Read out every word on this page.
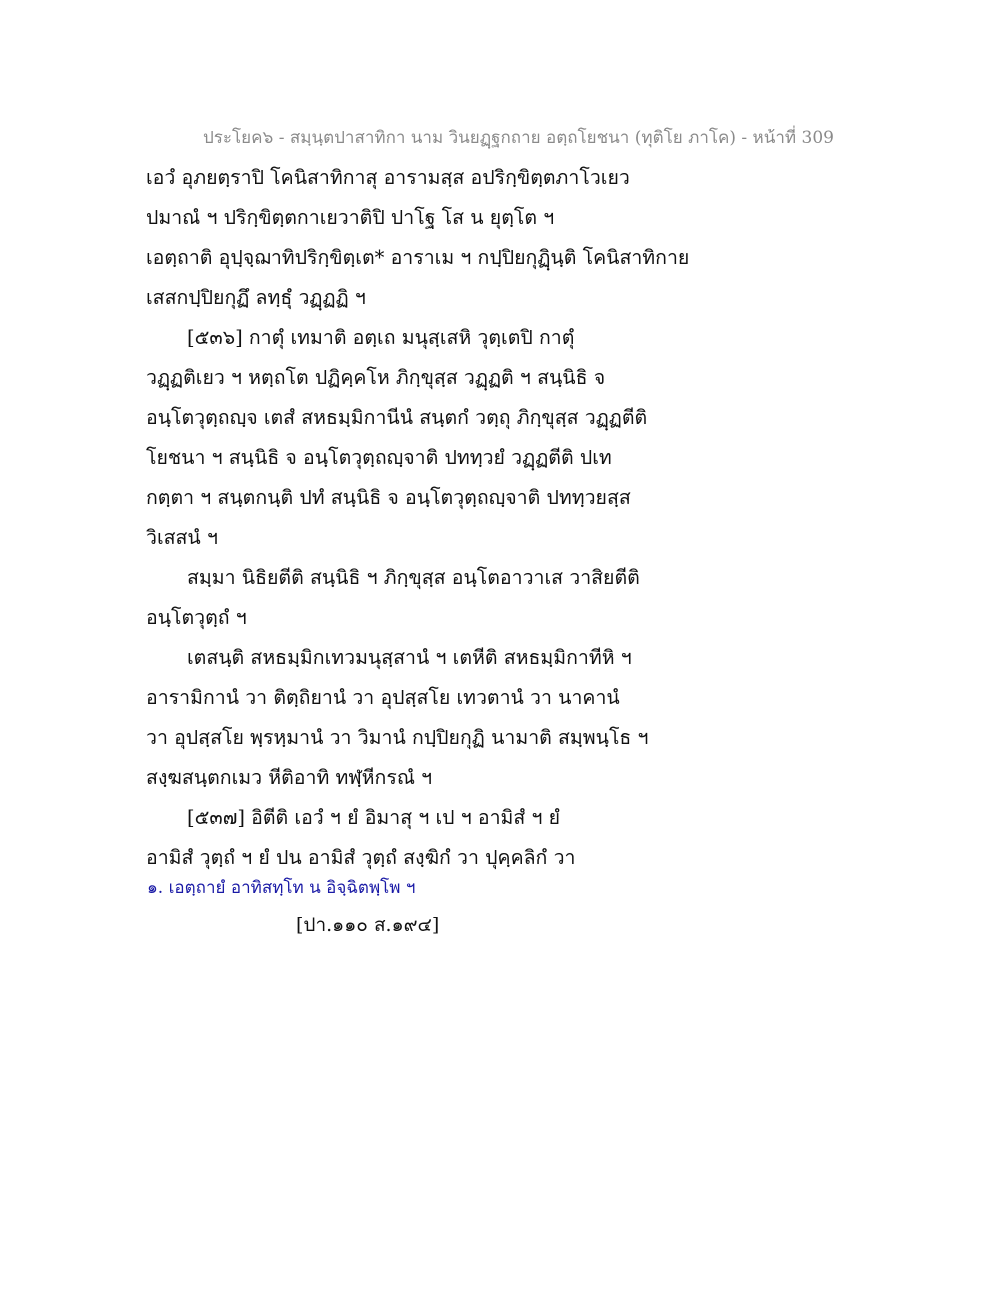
ประโยค๖ - สมฺนฺตปาสาทิกา นาม วินยฏฺฐกถาย อตฺถโยชนา (ทุติโย ภาโค) - หน้าที่ 309
เอวํ อุภยตฺราปิ โคนิสาทิกาสุ อารามสฺส อปริกฺขิตฺตภาโวเยว
ปมาณํ ฯ ปริกฺขิตฺตกาเยวาติปิ ปาโฐ โส น ยุตฺโต ฯ
เอตฺถาติ อุปฺจฺฌาทิปริกฺขิตฺเต* อาราเม ฯ กปฺปิยกุฏิฺนฺติ โคนิสาทิกาย
เสสกปฺปิยกุฏึ ลทฺธุํ วฏฺฏฏิ ฯ
[๕๓๖] กาตุํ เทมาติ อตฺเถ มนุสฺเสหิ วุตฺเตปิ กาตุํ
วฏฺฏติเยว ฯ หตฺถโต ปฏิคฺคโห ภิกฺขุสฺส วฏฺฏติ ฯ สนฺนิธิ จ
อนฺโตวุตฺถญฺจ เตสํ สหธมฺมิกานีนํ สนฺตกํ วตฺถุ ภิกฺขุสฺส วฏฺฏตีติ
โยชนา ฯ สนฺนิธิ จ อนฺโตวุตฺถญฺจาติ ปททฺวยํ วฏฺฏตีติ ปเท
กตฺตา ฯ สนฺตกนฺติ ปทํ สนฺนิธิ จ อนฺโตวุตฺถญฺจาติ ปททฺวยสฺส
วิเสสนํ ฯ
สมฺมา นิธิยตีติ สนฺนิธิ ฯ ภิกฺขุสฺส อนฺโตอาวาเส วาสิยตีติ
อนฺโตวุตฺถํ ฯ
เตสนฺติ สหธมฺมิกเทวมนุสฺสานํ ฯ เตหีติ สหธมฺมิกาทีหิ ฯ
อารามิกานํ วา ติตฺถิยานํ วา อุปสฺสโย เทวตานํ วา นาคานํ
วา อุปสฺสโย พฺรหฺมานํ วา วิมานํ กปฺปิยกุฏิ นามาติ สมฺพนฺโธ ฯ
สงฺฆสนฺตกเมว หีติอาทิ ทฬฺหีกรณํ ฯ
[๕๓๗] อิตีติ เอวํ ฯ ยํ อิมาสุ ฯ เป ฯ อามิสํ ฯ ยํ
อามิสํ วุตฺถํ ฯ ยํ ปน อามิสํ วุตฺถํ สงฺฆิกํ วา ปุคฺคลิกํ วา
๑. เอตฺถายํ อาทิสทฺโท น อิจฺฉิตพฺโพ ฯ
[ปา.๑๑๐ ส.๑๙๔]
